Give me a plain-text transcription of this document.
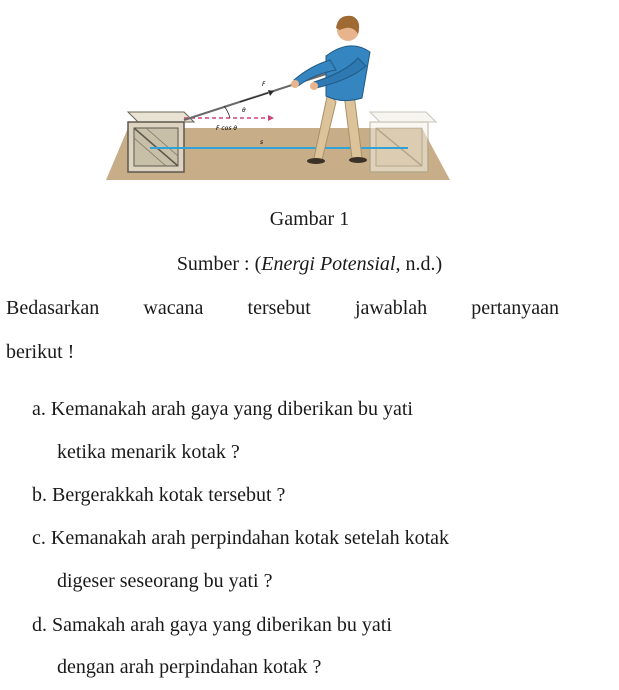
F
θ
F cos θ
s
Gambar 1
Sumber : (Energi Potensial, n.d.)
Bedasarkan wacana tersebut jawablah pertanyaan
berikut !
a. Kemanakah arah gaya yang diberikan bu yati
ketika menarik kotak ?
b. Bergerakkah kotak tersebut ?
c. Kemanakah arah perpindahan kotak setelah kotak
digeser seseorang bu yati ?
d. Samakah arah gaya yang diberikan bu yati
dengan arah perpindahan kotak ?
